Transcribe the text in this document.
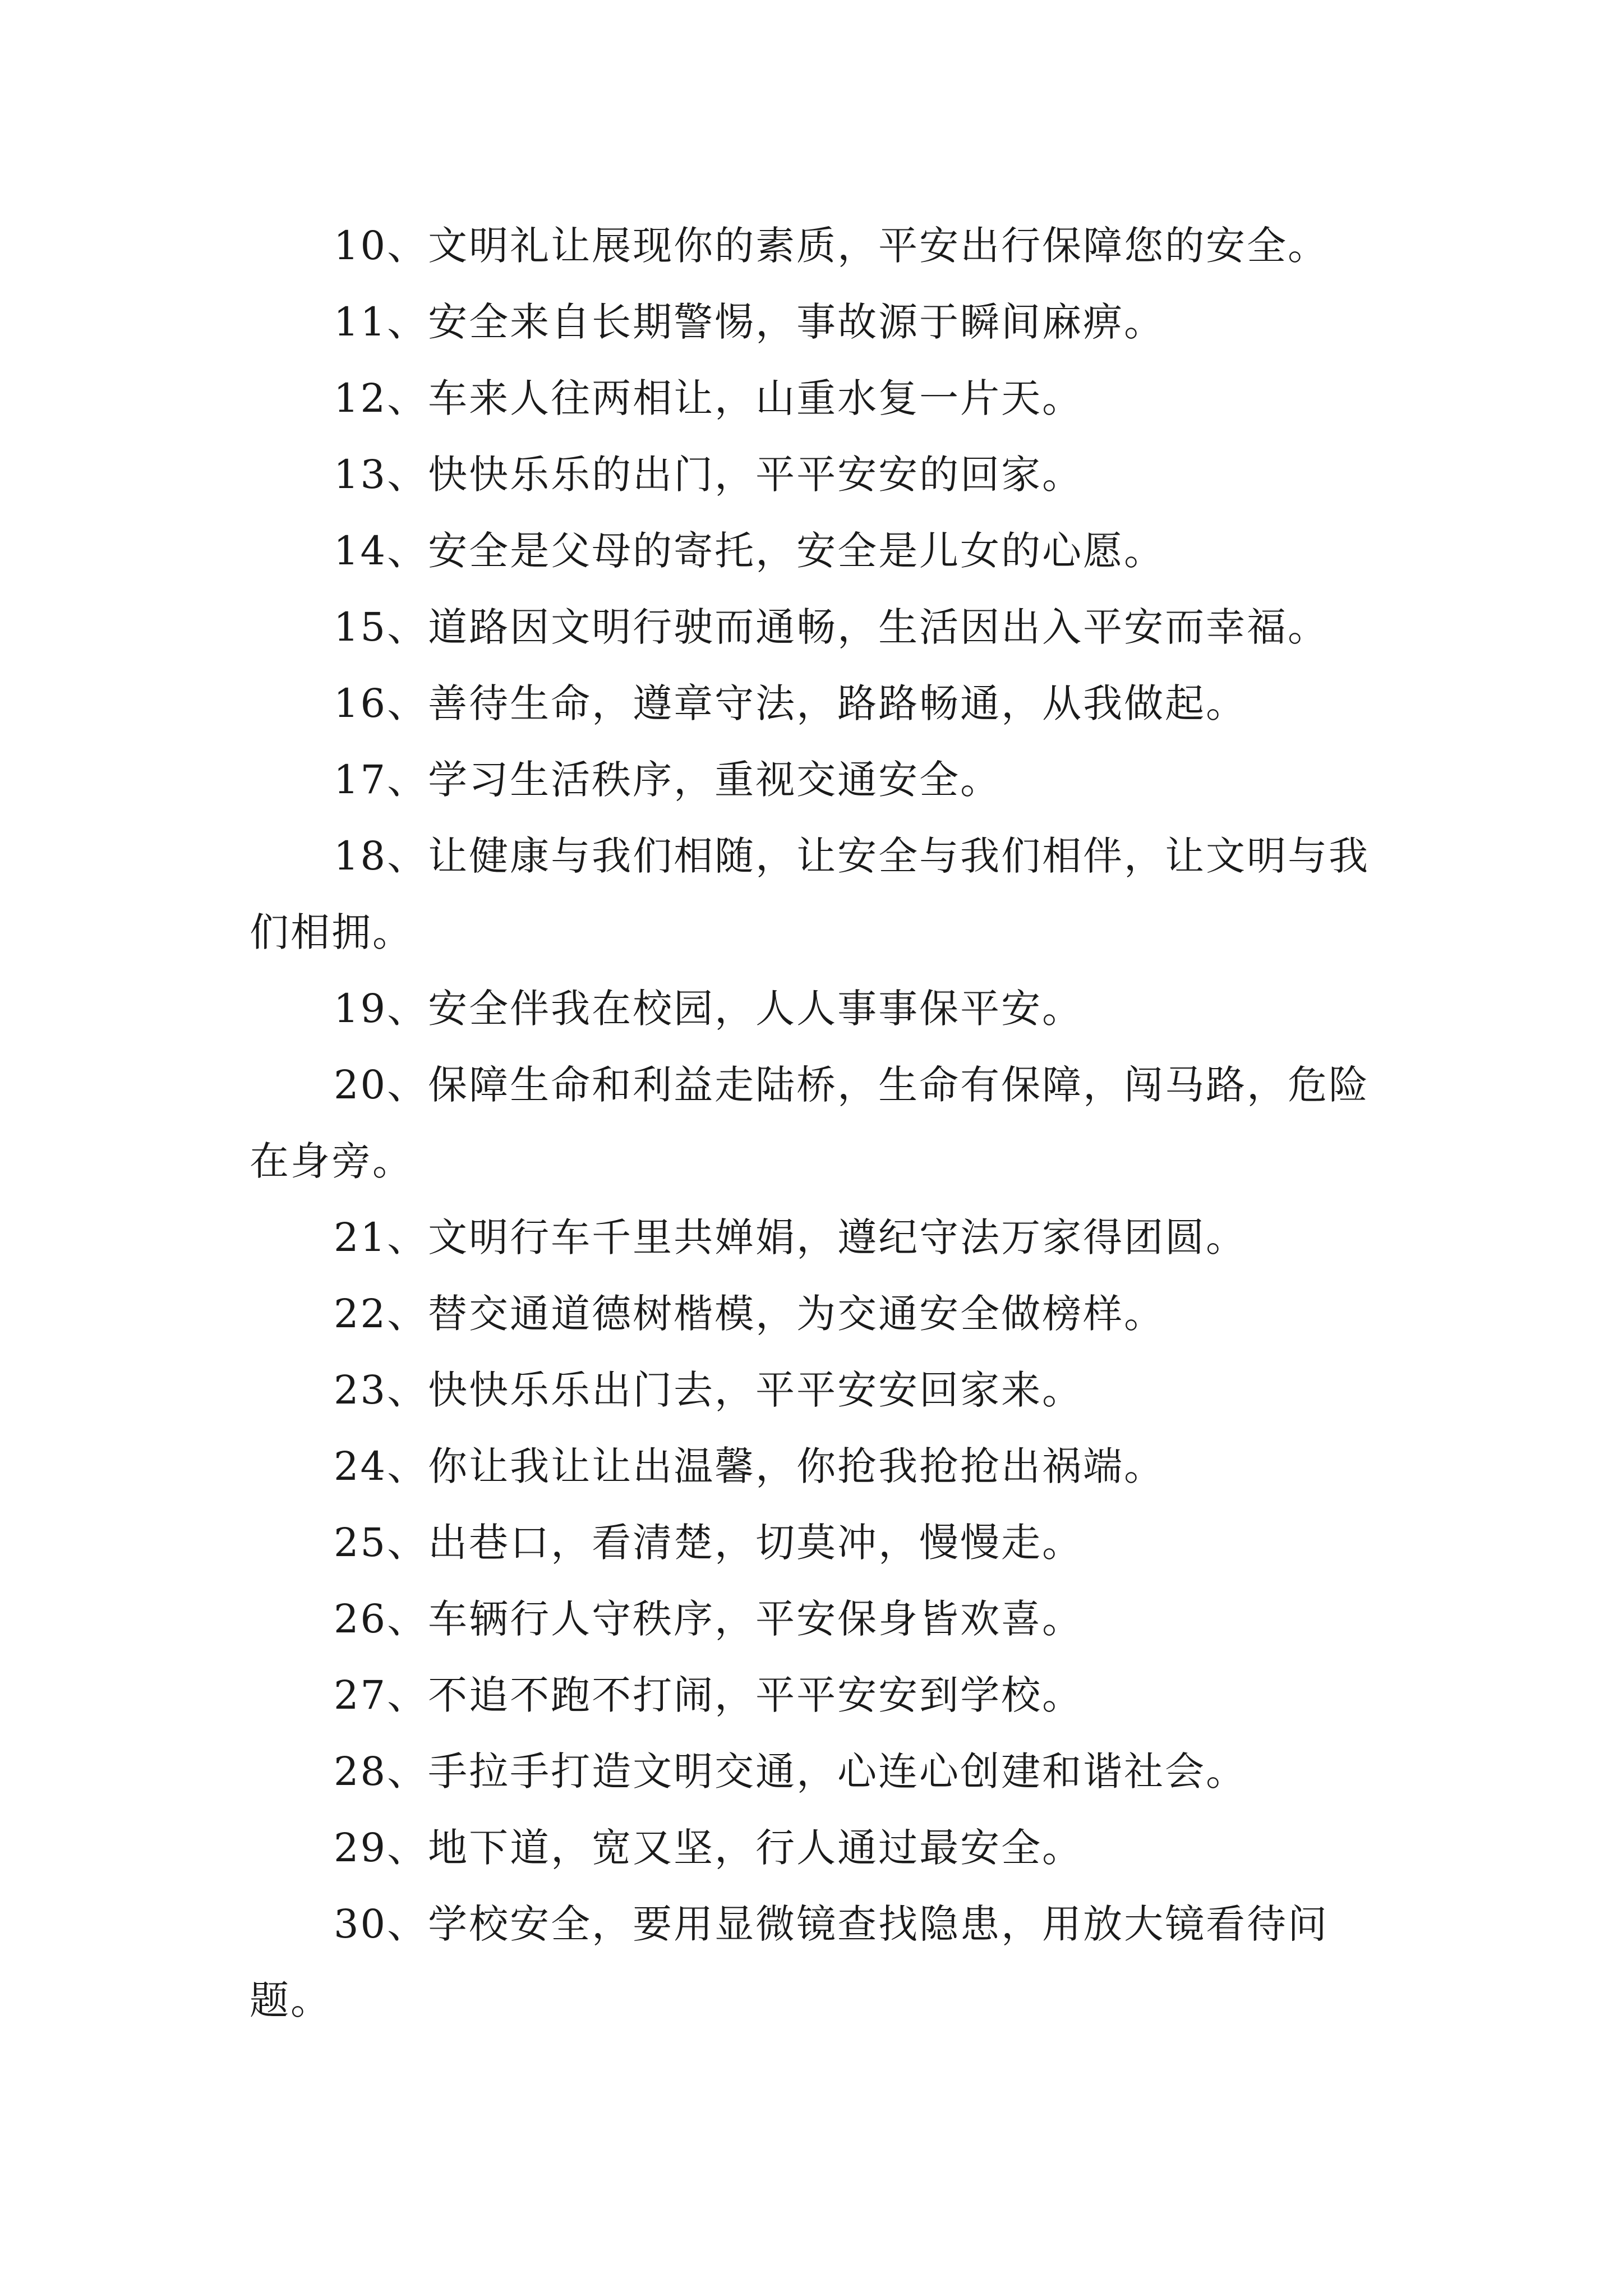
10、文明礼让展现你的素质，平安出行保障您的安全。

11、安全来自长期警惕，事故源于瞬间麻痹。

12、车来人往两相让，山重水复一片天。

13、快快乐乐的出门，平平安安的回家。

14、安全是父母的寄托，安全是儿女的心愿。

15、道路因文明行驶而通畅，生活因出入平安而幸福。

16、善待生命，遵章守法，路路畅通，从我做起。

17、学习生活秩序，重视交通安全。

18、让健康与我们相随，让安全与我们相伴，让文明与我们相拥。

19、安全伴我在校园，人人事事保平安。

20、保障生命和利益走陆桥，生命有保障，闯马路，危险在身旁。

21、文明行车千里共婵娟，遵纪守法万家得团圆。

22、替交通道德树楷模，为交通安全做榜样。

23、快快乐乐出门去，平平安安回家来。

24、你让我让让出温馨，你抢我抢抢出祸端。

25、出巷口，看清楚，切莫冲，慢慢走。

26、车辆行人守秩序，平安保身皆欢喜。

27、不追不跑不打闹，平平安安到学校。

28、手拉手打造文明交通，心连心创建和谐社会。

29、地下道，宽又坚，行人通过最安全。

30、学校安全，要用显微镜查找隐患，用放大镜看待问题。
